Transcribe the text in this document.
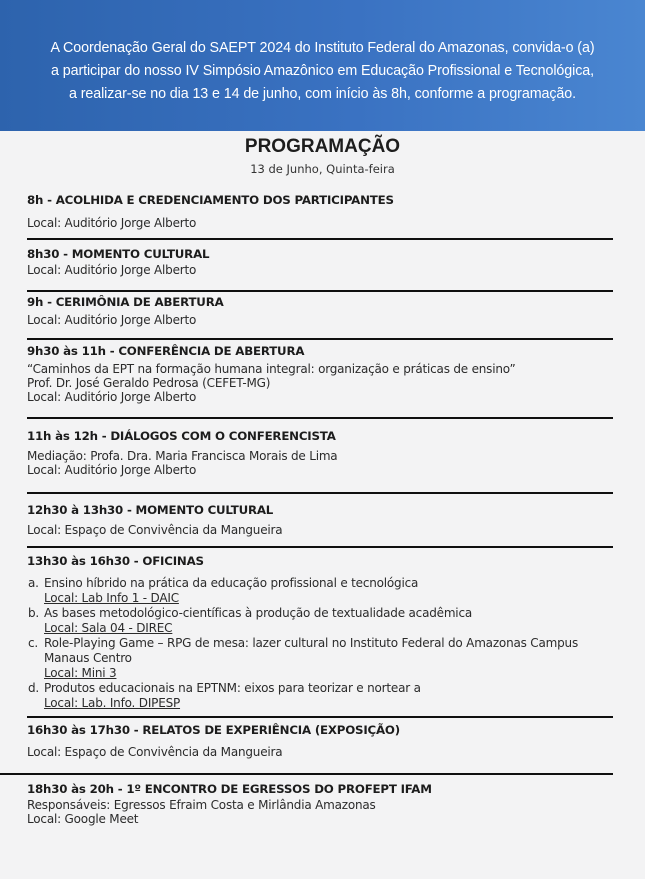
A Coordenação Geral do SAEPT 2024 do Instituto Federal do Amazonas, convida-o (a)
a participar do nosso IV Simpósio Amazônico em Educação Profissional e Tecnológica,
a realizar-se no dia 13 e 14 de junho, com início às 8h, conforme a programação.
PROGRAMAÇÃO
13 de Junho, Quinta-feira
8h - ACOLHIDA E CREDENCIAMENTO DOS PARTICIPANTES
Local: Auditório Jorge Alberto
8h30 - MOMENTO CULTURAL
Local: Auditório Jorge Alberto
9h - CERIMÔNIA DE ABERTURA
Local: Auditório Jorge Alberto
9h30 às 11h - CONFERÊNCIA DE ABERTURA
“Caminhos da EPT na formação humana integral: organização e práticas de ensino”
Prof. Dr. José Geraldo Pedrosa (CEFET-MG)
Local: Auditório Jorge Alberto
11h às 12h - DIÁLOGOS COM O CONFERENCISTA
Mediação: Profa. Dra. Maria Francisca Morais de Lima
Local: Auditório Jorge Alberto
12h30 à 13h30 - MOMENTO CULTURAL
Local: Espaço de Convivência da Mangueira
13h30 às 16h30 - OFICINAS
a. Ensino híbrido na prática da educação profissional e tecnológica
Local: Lab Info 1 - DAIC
b. As bases metodológico-científicas à produção de textualidade acadêmica
Local: Sala 04 - DIREC
c. Role-Playing Game – RPG de mesa: lazer cultural no Instituto Federal do Amazonas Campus
Manaus Centro
Local: Mini 3
d. Produtos educacionais na EPTNM: eixos para teorizar e nortear a
Local: Lab. Info. DIPESP
16h30 às 17h30 - RELATOS DE EXPERIÊNCIA (EXPOSIÇÃO)
Local: Espaço de Convivência da Mangueira
18h30 às 20h - 1º ENCONTRO DE EGRESSOS DO PROFEPT IFAM
Responsáveis: Egressos Efraim Costa e Mirlândia Amazonas
Local: Google Meet
